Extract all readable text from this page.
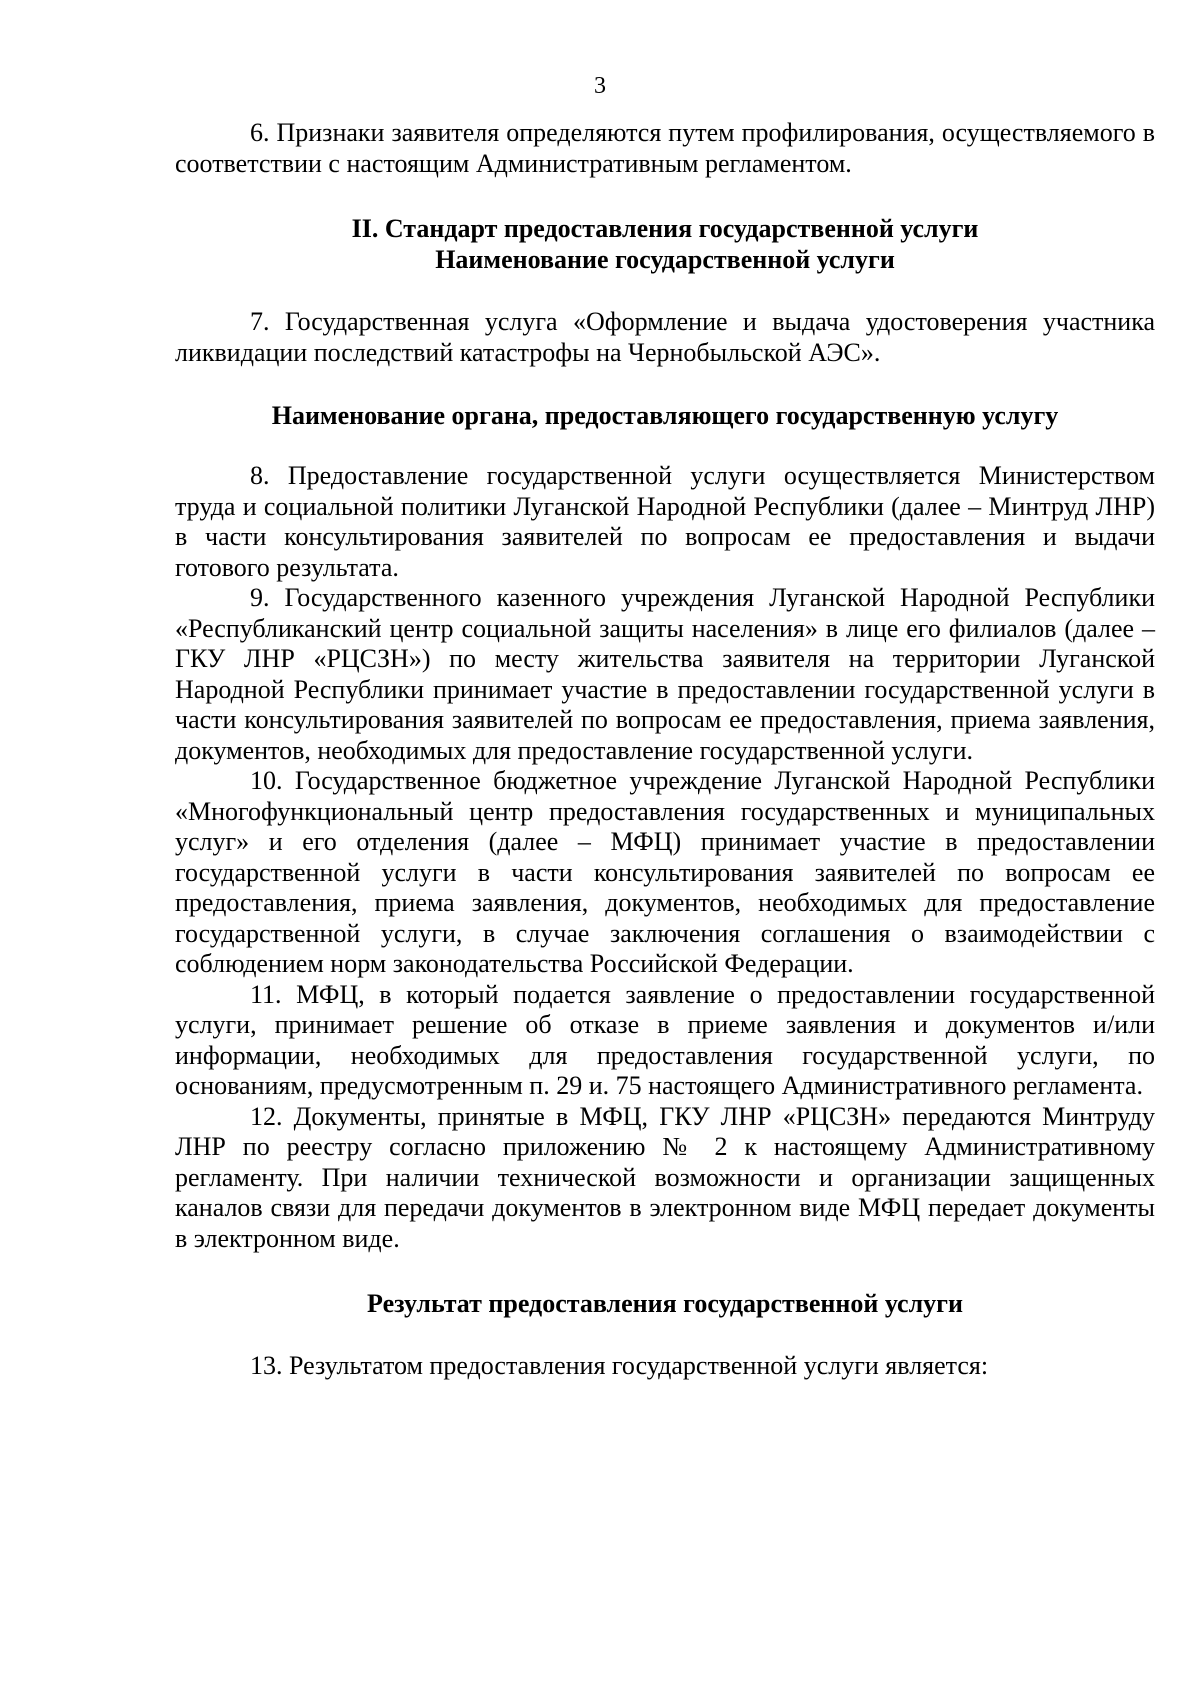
3

6. Признаки заявителя определяются путем профилирования, осуществляемого в соответствии с настоящим Административным регламентом.

II. Стандарт предоставления государственной услуги

Наименование государственной услуги

7. Государственная услуга «Оформление и выдача удостоверения участника ликвидации последствий катастрофы на Чернобыльской АЭС».

Наименование органа, предоставляющего государственную услугу

8. Предоставление государственной услуги осуществляется Министерством труда и социальной политики Луганской Народной Республики (далее – Минтруд ЛНР) в части консультирования заявителей по вопросам ее предоставления и выдачи готового результата.

9. Государственного казенного учреждения Луганской Народной Республики «Республиканский центр социальной защиты населения» в лице его филиалов (далее – ГКУ ЛНР «РЦСЗН») по месту жительства заявителя на территории Луганской Народной Республики принимает участие в предоставлении государственной услуги в части консультирования заявителей по вопросам ее предоставления, приема заявления, документов, необходимых для предоставление государственной услуги.

10. Государственное бюджетное учреждение Луганской Народной Республики «Многофункциональный центр предоставления государственных и муниципальных услуг» и его отделения (далее – МФЦ) принимает участие в предоставлении государственной услуги в части консультирования заявителей по вопросам ее предоставления, приема заявления, документов, необходимых для предоставление государственной услуги, в случае заключения соглашения о взаимодействии с соблюдением норм законодательства Российской Федерации.

11. МФЦ, в который подается заявление о предоставлении государственной услуги, принимает решение об отказе в приеме заявления и документов и/или информации, необходимых для предоставления государственной услуги, по основаниям, предусмотренным п. 29 и. 75 настоящего Административного регламента.

12. Документы, принятые в МФЦ, ГКУ ЛНР «РЦСЗН» передаются Минтруду ЛНР по реестру согласно приложению № 2 к настоящему Административному регламенту. При наличии технической возможности и организации защищенных каналов связи для передачи документов в электронном виде МФЦ передает документы в электронном виде.

Результат предоставления государственной услуги

13. Результатом предоставления государственной услуги является:
